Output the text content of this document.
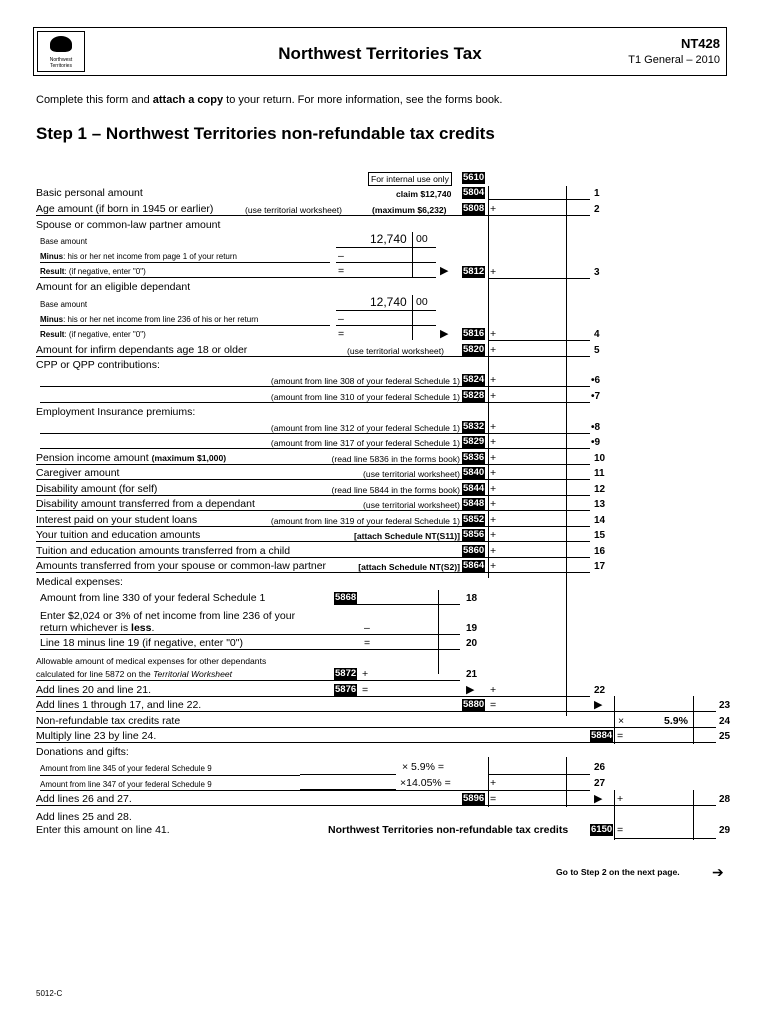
Northwest Territories
Northwest Territories Tax
NT428
T1 General – 2010
Complete this form and attach a copy to your return. For more information, see the forms book.
Step 1 – Northwest Territories non-refundable tax credits
For internal use only	5610
Basic personal amount	claim $12,740 5804	1
Age amount (if born in 1945 or earlier)	(use territorial worksheet)	(maximum $6,232) 5808 +	2
Spouse or common-law partner amount
Base amount	12,740 00
Minus: his or her net income from page 1 of your return	–
Result: (if negative, enter "0")	=	▶ 5812 +	3
Amount for an eligible dependant
Base amount	12,740 00
Minus: his or her net income from line 236 of his or her return	–
Result: (if negative, enter "0")	=	▶ 5816 +	4
Amount for infirm dependants age 18 or older	(use territorial worksheet) 5820 +	5
CPP or QPP contributions:
(amount from line 308 of your federal Schedule 1) 5824 +	•6
(amount from line 310 of your federal Schedule 1) 5828 +	•7
Employment Insurance premiums:
(amount from line 312 of your federal Schedule 1) 5832 +	•8
(amount from line 317 of your federal Schedule 1) 5829 +	•9
Pension income amount (maximum $1,000)	(read line 5836 in the forms book) 5836 +	10
Caregiver amount	(use territorial worksheet) 5840 +	11
Disability amount (for self)	(read line 5844 in the forms book) 5844 +	12
Disability amount transferred from a dependant	(use territorial worksheet) 5848 +	13
Interest paid on your student loans	(amount from line 319 of your federal Schedule 1) 5852 +	14
Your tuition and education amounts	[attach Schedule NT(S11)] 5856 +	15
Tuition and education amounts transferred from a child	5860 +	16
Amounts transferred from your spouse or common-law partner	[attach Schedule NT(S2)] 5864 +	17
Medical expenses:
Amount from line 330 of your federal Schedule 1	5868	18
Enter $2,024 or 3% of net income from line 236 of your
return whichever is less.	–	19
Line 18 minus line 19 (if negative, enter "0")	=	20
Allowable amount of medical expenses for other dependants
calculated for line 5872 on the Territorial Worksheet	5872 +	21
Add lines 20 and line 21.	5876 =	▶ +	22
Add lines 1 through 17, and line 22.	5880 =	▶	23
Non-refundable tax credits rate	×	5.9%	24
Multiply line 23 by line 24.	5884 =	25
Donations and gifts:
Amount from line 345 of your federal Schedule 9	× 5.9% =	26
Amount from line 347 of your federal Schedule 9	×14.05% =	+	27
Add lines 26 and 27.	5896 =	▶ +	28
Add lines 25 and 28.
Enter this amount on line 41.	Northwest Territories non-refundable tax credits 6150 =	29
Go to Step 2 on the next page. ➔
5012-C
